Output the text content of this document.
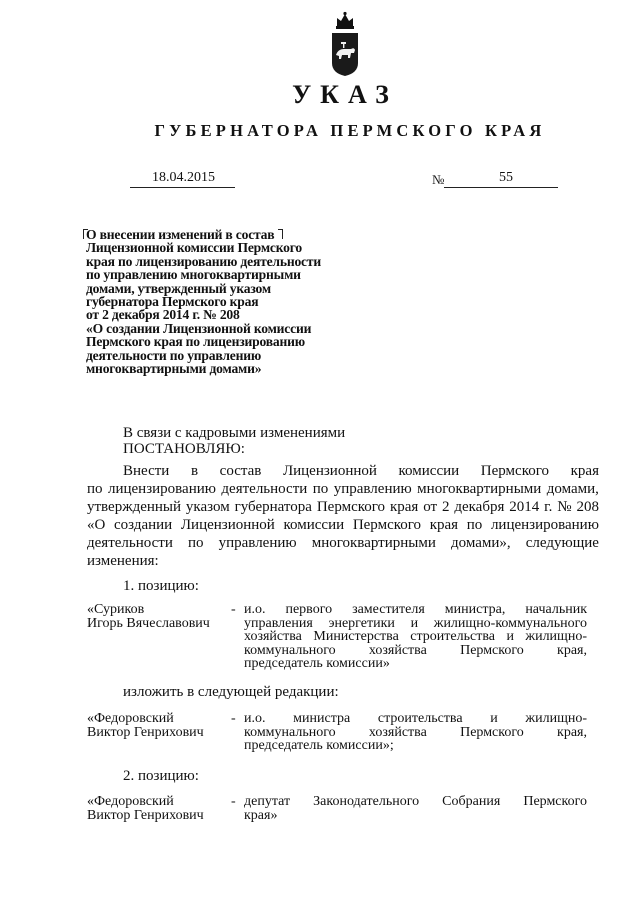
УКАЗ
ГУБЕРНАТОРА ПЕРМСКОГО КРАЯ
18.04.2015	№	55
О внесении изменений в состав
Лицензионной комиссии Пермского
края по лицензированию деятельности
по управлению многоквартирными
домами, утвержденный указом
губернатора Пермского края
от 2 декабря 2014 г. № 208
«О создании Лицензионной комиссии
Пермского края по лицензированию
деятельности по управлению
многоквартирными домами»
В связи с кадровыми изменениями
ПОСТАНОВЛЯЮ:
Внести в состав Лицензионной комиссии Пермского края
по лицензированию деятельности по управлению многоквартирными домами,
утвержденный указом губернатора Пермского края от 2 декабря 2014 г. № 208
«О создании Лицензионной комиссии Пермского края по лицензированию
деятельности по управлению многоквартирными домами», следующие
изменения:
1. позицию:
«Суриков
Игорь Вячеславович
- и.о. первого заместителя министра, начальник
управления энергетики и жилищно-коммунального
хозяйства Министерства строительства и жилищно-
коммунального хозяйства Пермского края,
председатель комиссии»
изложить в следующей редакции:
«Федоровский
Виктор Генрихович
- и.о. министра строительства и жилищно-
коммунального хозяйства Пермского края,
председатель комиссии»;
2. позицию:
«Федоровский
Виктор Генрихович
- депутат Законодательного Собрания Пермского
края»
